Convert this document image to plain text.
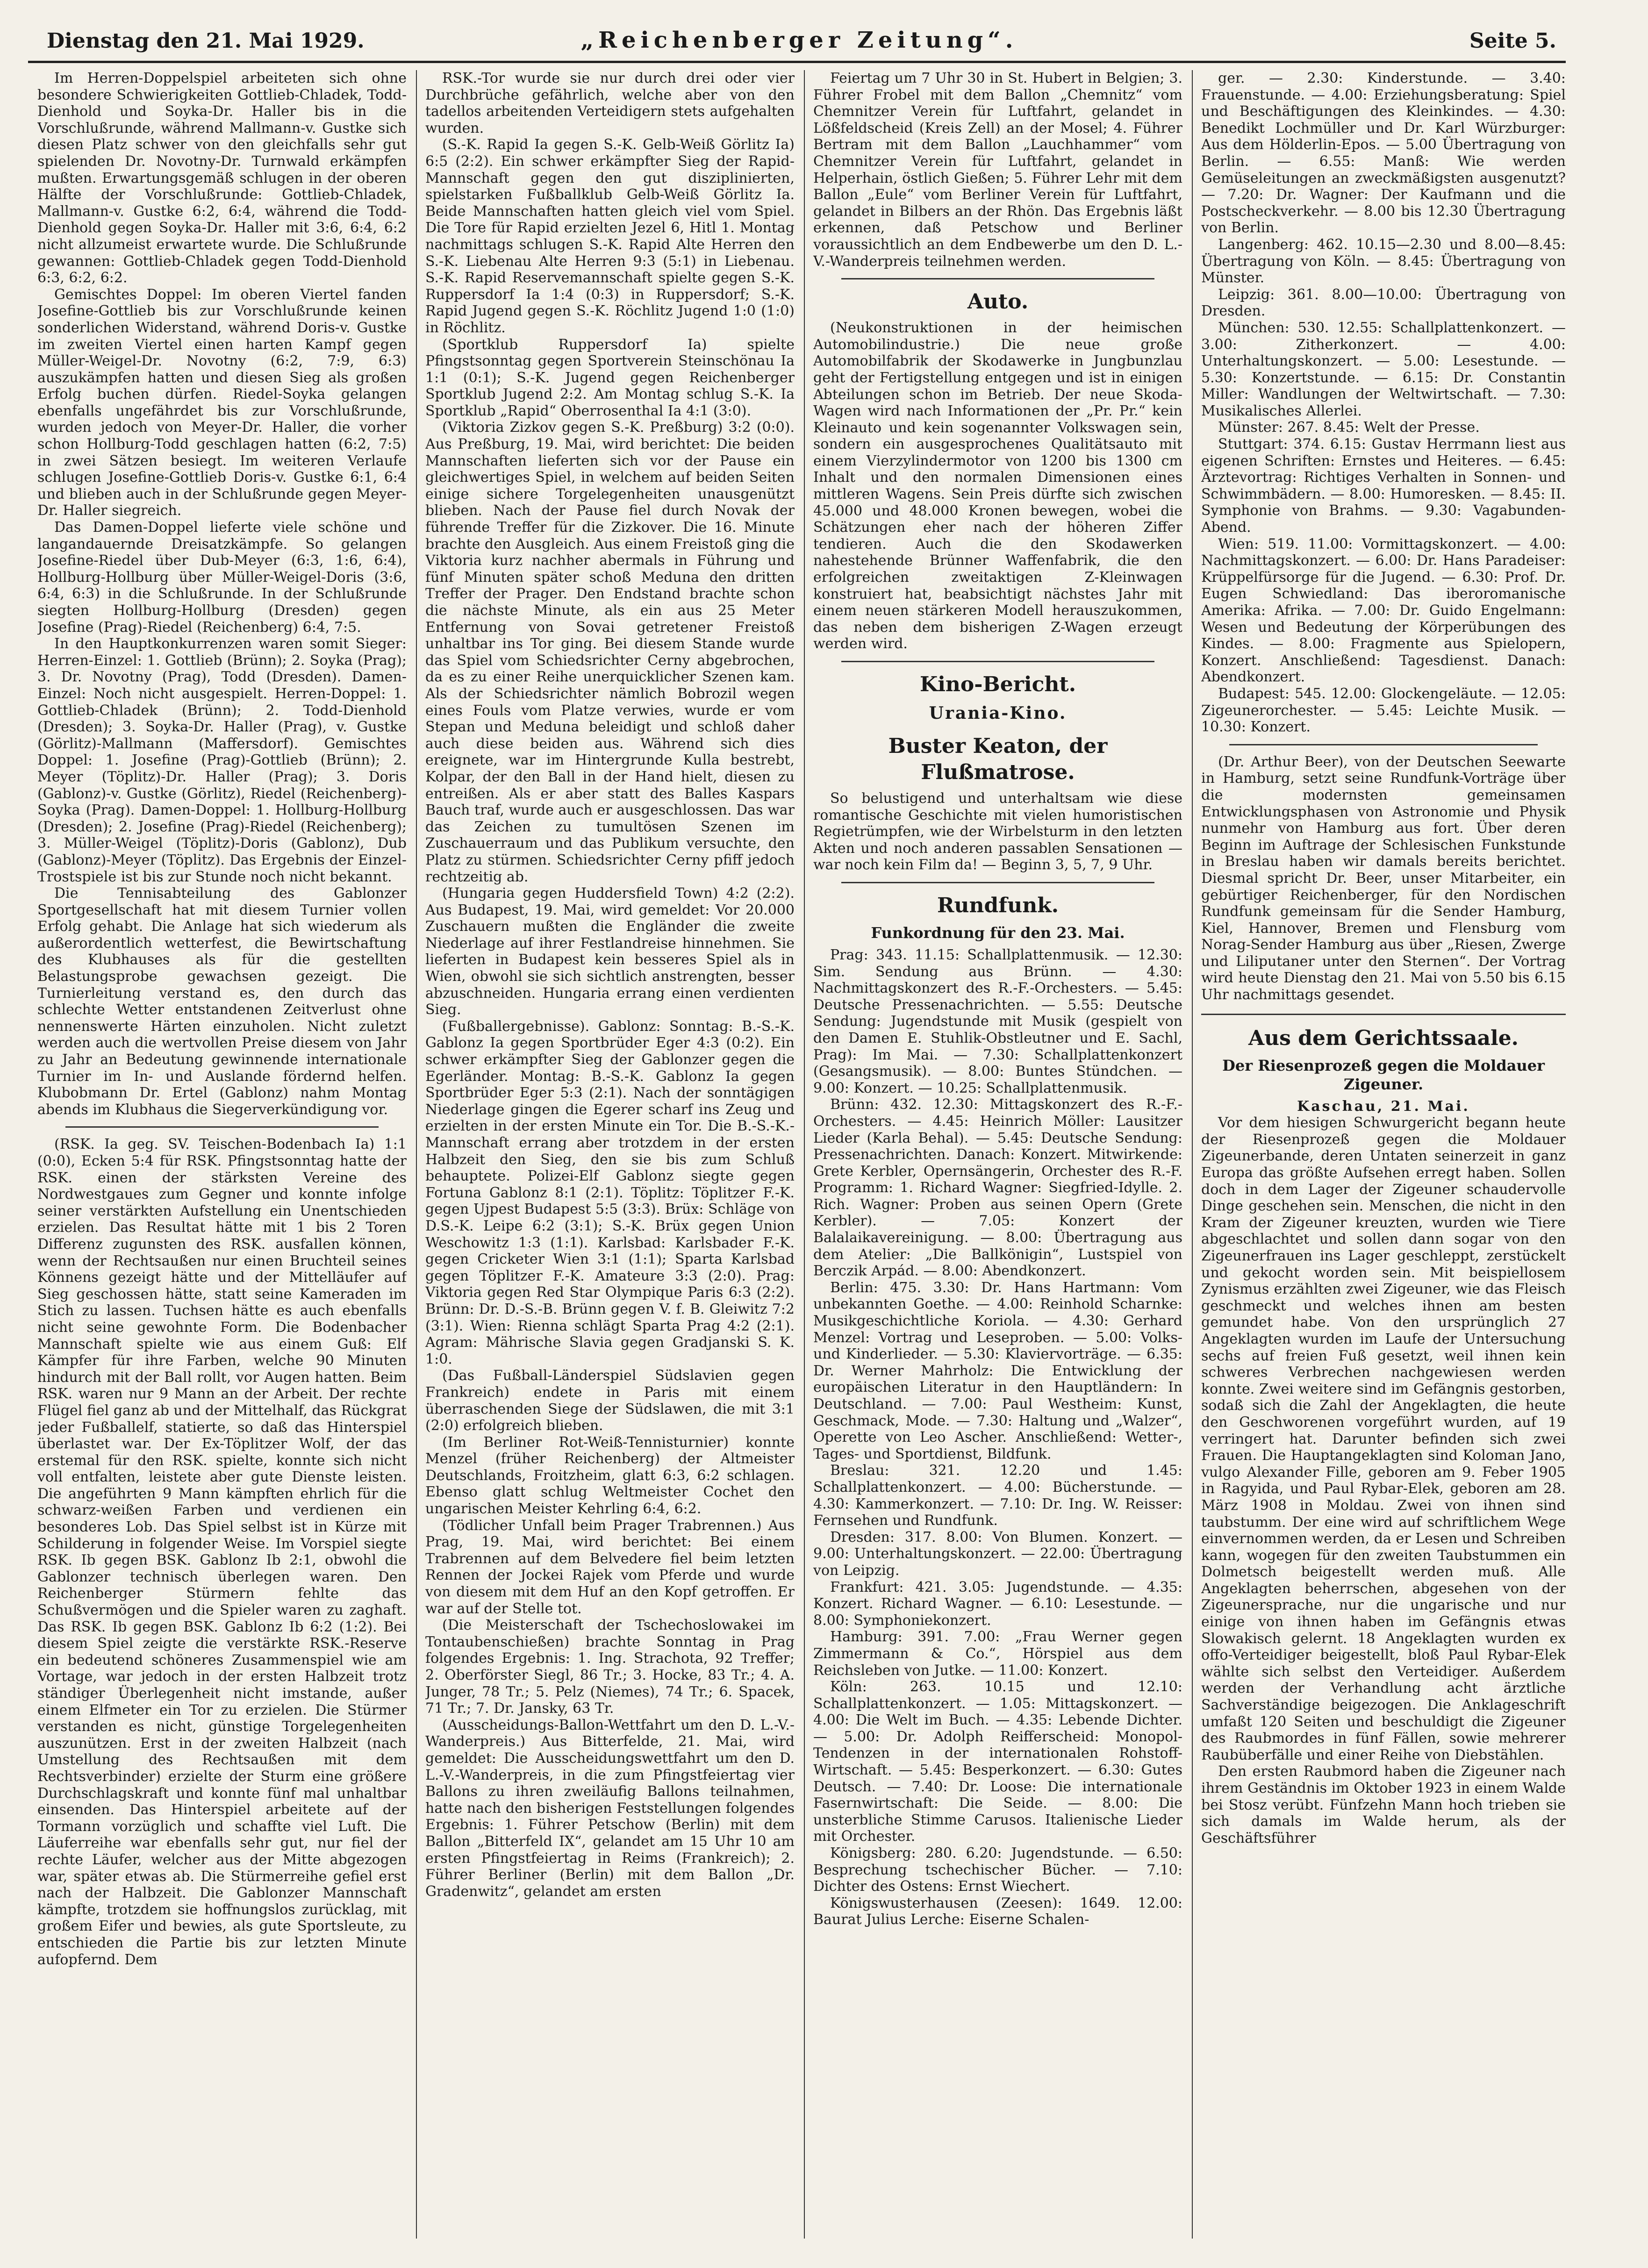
Dienstag den 21. Mai 1929.	„Reichenberger Zeitung“.	Seite 5.

Im Herren-Doppelspiel arbeiteten sich ohne besondere Schwierigkeiten Gottlieb-Chladek, Todd-Dienhold und Soyka-Dr. Haller bis in die Vorschlußrunde, während Mallmann-v. Gustke sich diesen Platz schwer von den gleichfalls sehr gut spielenden Dr. Novotny-Dr. Turnwald erkämpfen mußten. Erwartungsgemäß schlugen in der oberen Hälfte der Vorschlußrunde: Gottlieb-Chladek, Mallmann-v. Gustke 6:2, 6:4, während die Todd-Dienhold gegen Soyka-Dr. Haller mit 3:6, 6:4, 6:2 nicht allzumeist erwartete wurde. Die Schlußrunde gewannen: Gottlieb-Chladek gegen Todd-Dienhold 6:3, 6:2, 6:2.

Gemischtes Doppel: Im oberen Viertel fanden Josefine-Gottlieb bis zur Vorschlußrunde keinen sonderlichen Widerstand, während Doris-v. Gustke im zweiten Viertel einen harten Kampf gegen Müller-Weigel-Dr. Novotny (6:2, 7:9, 6:3) auszukämpfen hatten und diesen Sieg als großen Erfolg buchen dürfen. Riedel-Soyka gelangen ebenfalls ungefährdet bis zur Vorschlußrunde, wurden jedoch von Meyer-Dr. Haller, die vorher schon Hollburg-Todd geschlagen hatten (6:2, 7:5) in zwei Sätzen besiegt. Im weiteren Verlaufe schlugen Josefine-Gottlieb Doris-v. Gustke 6:1, 6:4 und blieben auch in der Schlußrunde gegen Meyer-Dr. Haller siegreich.

Das Damen-Doppel lieferte viele schöne und langandauernde Dreisatzkämpfe. So gelangen Josefine-Riedel über Dub-Meyer (6:3, 1:6, 6:4), Hollburg-Hollburg über Müller-Weigel-Doris (3:6, 6:4, 6:3) in die Schlußrunde. In der Schlußrunde siegten Hollburg-Hollburg (Dresden) gegen Josefine (Prag)-Riedel (Reichenberg) 6:4, 7:5.

In den Hauptkonkurrenzen waren somit Sieger: Herren-Einzel: 1. Gottlieb (Brünn); 2. Soyka (Prag); 3. Dr. Novotny (Prag), Todd (Dresden). Damen-Einzel: Noch nicht ausgespielt. Herren-Doppel: 1. Gottlieb-Chladek (Brünn); 2. Todd-Dienhold (Dresden); 3. Soyka-Dr. Haller (Prag), v. Gustke (Görlitz)-Mallmann (Maffersdorf). Gemischtes Doppel: 1. Josefine (Prag)-Gottlieb (Brünn); 2. Meyer (Töplitz)-Dr. Haller (Prag); 3. Doris (Gablonz)-v. Gustke (Görlitz), Riedel (Reichenberg)-Soyka (Prag). Damen-Doppel: 1. Hollburg-Hollburg (Dresden); 2. Josefine (Prag)-Riedel (Reichenberg); 3. Müller-Weigel (Töplitz)-Doris (Gablonz), Dub (Gablonz)-Meyer (Töplitz). Das Ergebnis der Einzel-Trostspiele ist bis zur Stunde noch nicht bekannt.

Die Tennisabteilung des Gablonzer Sportgesellschaft hat mit diesem Turnier vollen Erfolg gehabt. Die Anlage hat sich wiederum als außerordentlich wetterfest, die Bewirtschaftung des Klubhauses als für die gestellten Belastungsprobe gewachsen gezeigt. Die Turnierleitung verstand es, den durch das schlechte Wetter entstandenen Zeitverlust ohne nennenswerte Härten einzuholen. Nicht zuletzt werden auch die wertvollen Preise diesem von Jahr zu Jahr an Bedeutung gewinnende internationale Turnier im In- und Auslande fördernd helfen. Klubobmann Dr. Ertel (Gablonz) nahm Montag abends im Klubhaus die Siegerverkündigung vor.

(RSK. Ia geg. SV. Teischen-Bodenbach Ia) 1:1 (0:0), Ecken 5:4 für RSK. Pfingstsonntag hatte der RSK. einen der stärksten Vereine des Nordwestgaues zum Gegner und konnte infolge seiner verstärkten Aufstellung ein Unentschieden erzielen. Das Resultat hätte mit 1 bis 2 Toren Differenz zugunsten des RSK. ausfallen können, wenn der Rechtsaußen nur einen Bruchteil seines Könnens gezeigt hätte und der Mittelläufer auf Sieg geschossen hätte, statt seine Kameraden im Stich zu lassen. Tuchsen hätte es auch ebenfalls nicht seine gewohnte Form. Die Bodenbacher Mannschaft spielte wie aus einem Guß: Elf Kämpfer für ihre Farben, welche 90 Minuten hindurch mit der Ball rollt, vor Augen hatten. Beim RSK. waren nur 9 Mann an der Arbeit. Der rechte Flügel fiel ganz ab und der Mittelhalf, das Rückgrat jeder Fußballelf, statierte, so daß das Hinterspiel überlastet war. Der Ex-Töplitzer Wolf, der das erstemal für den RSK. spielte, konnte sich nicht voll entfalten, leistete aber gute Dienste leisten. Die angeführten 9 Mann kämpften ehrlich für die schwarz-weißen Farben und verdienen ein besonderes Lob. Das Spiel selbst ist in Kürze mit Schilderung in folgender Weise. Im Vorspiel siegte RSK. Ib gegen BSK. Gablonz Ib 2:1, obwohl die Gablonzer technisch überlegen waren. Den Reichenberger Stürmern fehlte das Schußvermögen und die Spieler waren zu zaghaft. Das RSK. Ib gegen BSK. Gablonz Ib 6:2 (1:2). Bei diesem Spiel zeigte die verstärkte RSK.-Reserve ein bedeutend schöneres Zusammenspiel wie am Vortage, war jedoch in der ersten Halbzeit trotz ständiger Überlegenheit nicht imstande, außer einem Elfmeter ein Tor zu erzielen. Die Stürmer verstanden es nicht, günstige Torgelegenheiten auszunützen. Erst in der zweiten Halbzeit (nach Umstellung des Rechtsaußen mit dem Rechtsverbinder) erzielte der Sturm eine größere Durchschlagskraft und konnte fünf mal unhaltbar einsenden. Das Hinterspiel arbeitete auf der Tormann vorzüglich und schaffte viel Luft. Die Läuferreihe war ebenfalls sehr gut, nur fiel der rechte Läufer, welcher aus der Mitte abgezogen war, später etwas ab. Die Stürmerreihe gefiel erst nach der Halbzeit. Die Gablonzer Mannschaft kämpfte, trotzdem sie hoffnungslos zurücklag, mit großem Eifer und bewies, als gute Sportsleute, zu entschieden die Partie bis zur letzten Minute aufopfernd. Dem

RSK.-Tor wurde sie nur durch drei oder vier Durchbrüche gefährlich, welche aber von den tadellos arbeitenden Verteidigern stets aufgehalten wurden.

(S.-K. Rapid Ia gegen S.-K. Gelb-Weiß Görlitz Ia) 6:5 (2:2). Ein schwer erkämpfter Sieg der Rapid-Mannschaft gegen den gut disziplinierten, spielstarken Fußballklub Gelb-Weiß Görlitz Ia. Beide Mannschaften hatten gleich viel vom Spiel. Die Tore für Rapid erzielten Jezel 6, Hitl 1. Montag nachmittags schlugen S.-K. Rapid Alte Herren den S.-K. Liebenau Alte Herren 9:3 (5:1) in Liebenau. S.-K. Rapid Reservemannschaft spielte gegen S.-K. Ruppersdorf Ia 1:4 (0:3) in Ruppersdorf; S.-K. Rapid Jugend gegen S.-K. Röchlitz Jugend 1:0 (1:0) in Röchlitz.

(Sportklub Ruppersdorf Ia) spielte Pfingstsonntag gegen Sportverein Steinschönau Ia 1:1 (0:1); S.-K. Jugend gegen Reichenberger Sportklub Jugend 2:2. Am Montag schlug S.-K. Ia Sportklub „Rapid“ Oberrosenthal Ia 4:1 (3:0).

(Viktoria Zizkov gegen S.-K. Preßburg) 3:2 (0:0). Aus Preßburg, 19. Mai, wird berichtet: Die beiden Mannschaften lieferten sich vor der Pause ein gleichwertiges Spiel, in welchem auf beiden Seiten einige sichere Torgelegenheiten unausgenützt blieben. Nach der Pause fiel durch Novak der führende Treffer für die Zizkover. Die 16. Minute brachte den Ausgleich. Aus einem Freistoß ging die Viktoria kurz nachher abermals in Führung und fünf Minuten später schoß Meduna den dritten Treffer der Prager. Den Endstand brachte schon die nächste Minute, als ein aus 25 Meter Entfernung von Sovai getretener Freistoß unhaltbar ins Tor ging. Bei diesem Stande wurde das Spiel vom Schiedsrichter Cerny abgebrochen, da es zu einer Reihe unerquicklicher Szenen kam. Als der Schiedsrichter nämlich Bobrozil wegen eines Fouls vom Platze verwies, wurde er vom Stepan und Meduna beleidigt und schloß daher auch diese beiden aus. Während sich dies ereignete, war im Hintergrunde Kulla bestrebt, Kolpar, der den Ball in der Hand hielt, diesen zu entreißen. Als er aber statt des Balles Kaspars Bauch traf, wurde auch er ausgeschlossen. Das war das Zeichen zu tumultösen Szenen im Zuschauerraum und das Publikum versuchte, den Platz zu stürmen. Schiedsrichter Cerny pfiff jedoch rechtzeitig ab.

(Hungaria gegen Huddersfield Town) 4:2 (2:2). Aus Budapest, 19. Mai, wird gemeldet: Vor 20.000 Zuschauern mußten die Engländer die zweite Niederlage auf ihrer Festlandreise hinnehmen. Sie lieferten in Budapest kein besseres Spiel als in Wien, obwohl sie sich sichtlich anstrengten, besser abzuschneiden. Hungaria errang einen verdienten Sieg.

(Fußballergebnisse). Gablonz: Sonntag: B.-S.-K. Gablonz Ia gegen Sportbrüder Eger 4:3 (0:2). Ein schwer erkämpfter Sieg der Gablonzer gegen die Egerländer. Montag: B.-S.-K. Gablonz Ia gegen Sportbrüder Eger 5:3 (2:1). Nach der sonntägigen Niederlage gingen die Egerer scharf ins Zeug und erzielten in der ersten Minute ein Tor. Die B.-S.-K.-Mannschaft errang aber trotzdem in der ersten Halbzeit den Sieg, den sie bis zum Schluß behauptete. Polizei-Elf Gablonz siegte gegen Fortuna Gablonz 8:1 (2:1). Töplitz: Töplitzer F.-K. gegen Ujpest Budapest 5:5 (3:3). Brüx: Schläge von D.S.-K. Leipe 6:2 (3:1); S.-K. Brüx gegen Union Weschowitz 1:3 (1:1). Karlsbad: Karlsbader F.-K. gegen Cricketer Wien 3:1 (1:1); Sparta Karlsbad gegen Töplitzer F.-K. Amateure 3:3 (2:0). Prag: Viktoria gegen Red Star Olympique Paris 6:3 (2:2). Brünn: Dr. D.-S.-B. Brünn gegen V. f. B. Gleiwitz 7:2 (3:1). Wien: Rienna schlägt Sparta Prag 4:2 (2:1). Agram: Mährische Slavia gegen Gradjanski S. K. 1:0.

(Das Fußball-Länderspiel Südslavien gegen Frankreich) endete in Paris mit einem überraschenden Siege der Südslawen, die mit 3:1 (2:0) erfolgreich blieben.

(Im Berliner Rot-Weiß-Tennisturnier) konnte Menzel (früher Reichenberg) der Altmeister Deutschlands, Froitzheim, glatt 6:3, 6:2 schlagen. Ebenso glatt schlug Weltmeister Cochet den ungarischen Meister Kehrling 6:4, 6:2.

(Tödlicher Unfall beim Prager Trabrennen.) Aus Prag, 19. Mai, wird berichtet: Bei einem Trabrennen auf dem Belvedere fiel beim letzten Rennen der Jockei Rajek vom Pferde und wurde von diesem mit dem Huf an den Kopf getroffen. Er war auf der Stelle tot.

(Die Meisterschaft der Tschechoslowakei im Tontaubenschießen) brachte Sonntag in Prag folgendes Ergebnis: 1. Ing. Strachota, 92 Treffer; 2. Oberförster Siegl, 86 Tr.; 3. Hocke, 83 Tr.; 4. A. Junger, 78 Tr.; 5. Pelz (Niemes), 74 Tr.; 6. Spacek, 71 Tr.; 7. Dr. Jansky, 63 Tr.

(Ausscheidungs-Ballon-Wettfahrt um den D. L.-V.-Wanderpreis.) Aus Bitterfelde, 21. Mai, wird gemeldet: Die Ausscheidungswettfahrt um den D. L.-V.-Wanderpreis, in die zum Pfingstfeiertag vier Ballons zu ihren zweiläufig Ballons teilnahmen, hatte nach den bisherigen Feststellungen folgendes Ergebnis: 1. Führer Petschow (Berlin) mit dem Ballon „Bitterfeld IX“, gelandet am 15 Uhr 10 am ersten Pfingstfeiertag in Reims (Frankreich); 2. Führer Berliner (Berlin) mit dem Ballon „Dr. Gradenwitz“, gelandet am ersten

Feiertag um 7 Uhr 30 in St. Hubert in Belgien; 3. Führer Frobel mit dem Ballon „Chemnitz“ vom Chemnitzer Verein für Luftfahrt, gelandet in Lößfeldscheid (Kreis Zell) an der Mosel; 4. Führer Bertram mit dem Ballon „Lauchhammer“ vom Chemnitzer Verein für Luftfahrt, gelandet in Helperhain, östlich Gießen; 5. Führer Lehr mit dem Ballon „Eule“ vom Berliner Verein für Luftfahrt, gelandet in Bilbers an der Rhön. Das Ergebnis läßt erkennen, daß Petschow und Berliner voraussichtlich an dem Endbewerbe um den D. L.-V.-Wanderpreis teilnehmen werden.

Auto.

(Neukonstruktionen in der heimischen Automobilindustrie.) Die neue große Automobilfabrik der Skodawerke in Jungbunzlau geht der Fertigstellung entgegen und ist in einigen Abteilungen schon im Betrieb. Der neue Skoda-Wagen wird nach Informationen der „Pr. Pr.“ kein Kleinauto und kein sogenannter Volkswagen sein, sondern ein ausgesprochenes Qualitätsauto mit einem Vierzylindermotor von 1200 bis 1300 cm Inhalt und den normalen Dimensionen eines mittleren Wagens. Sein Preis dürfte sich zwischen 45.000 und 48.000 Kronen bewegen, wobei die Schätzungen eher nach der höheren Ziffer tendieren. Auch die den Skodawerken nahestehende Brünner Waffenfabrik, die den erfolgreichen zweitaktigen Z-Kleinwagen konstruiert hat, beabsichtigt nächstes Jahr mit einem neuen stärkeren Modell herauszukommen, das neben dem bisherigen Z-Wagen erzeugt werden wird.

Kino-Bericht.
Urania-Kino.
Buster Keaton, der Flußmatrose.

So belustigend und unterhaltsam wie diese romantische Geschichte mit vielen humoristischen Regietrümpfen, wie der Wirbelsturm in den letzten Akten und noch anderen passablen Sensationen — war noch kein Film da! — Beginn 3, 5, 7, 9 Uhr.

Rundfunk.
Funkordnung für den 23. Mai.

Prag: 343. 11.15: Schallplattenmusik. — 12.30: Sim. Sendung aus Brünn. — 4.30: Nachmittagskonzert des R.-F.-Orchesters. — 5.45: Deutsche Pressenachrichten. — 5.55: Deutsche Sendung: Jugendstunde mit Musik (gespielt von den Damen E. Stuhlik-Obstleutner und E. Sachl, Prag): Im Mai. — 7.30: Schallplattenkonzert (Gesangsmusik). — 8.00: Buntes Stündchen. — 9.00: Konzert. — 10.25: Schallplattenmusik.

Brünn: 432. 12.30: Mittagskonzert des R.-F.-Orchesters. — 4.45: Heinrich Möller: Lausitzer Lieder (Karla Behal). — 5.45: Deutsche Sendung: Pressenachrichten. Danach: Konzert. Mitwirkende: Grete Kerbler, Opernsängerin, Orchester des R.-F. Programm: 1. Richard Wagner: Siegfried-Idylle. 2. Rich. Wagner: Proben aus seinen Opern (Grete Kerbler). — 7.05: Konzert der Balalaikavereinigung. — 8.00: Übertragung aus dem Atelier: „Die Ballkönigin“, Lustspiel von Berczik Arpád. — 8.00: Abendkonzert.

Berlin: 475. 3.30: Dr. Hans Hartmann: Vom unbekannten Goethe. — 4.00: Reinhold Scharnke: Musikgeschichtliche Koriola. — 4.30: Gerhard Menzel: Vortrag und Leseproben. — 5.00: Volks- und Kinderlieder. — 5.30: Klaviervorträge. — 6.35: Dr. Werner Mahrholz: Die Entwicklung der europäischen Literatur in den Hauptländern: In Deutschland. — 7.00: Paul Westheim: Kunst, Geschmack, Mode. — 7.30: Haltung und „Walzer“, Operette von Leo Ascher. Anschließend: Wetter-, Tages- und Sportdienst, Bildfunk.

Breslau: 321. 12.20 und 1.45: Schallplattenkonzert. — 4.00: Bücherstunde. — 4.30: Kammerkonzert. — 7.10: Dr. Ing. W. Reisser: Fernsehen und Rundfunk.

Dresden: 317. 8.00: Von Blumen. Konzert. — 9.00: Unterhaltungskonzert. — 22.00: Übertragung von Leipzig.

Frankfurt: 421. 3.05: Jugendstunde. — 4.35: Konzert. Richard Wagner. — 6.10: Lesestunde. — 8.00: Symphoniekonzert.

Hamburg: 391. 7.00: „Frau Werner gegen Zimmermann & Co.“, Hörspiel aus dem Reichsleben von Jutke. — 11.00: Konzert.

Köln: 263. 10.15 und 12.10: Schallplattenkonzert. — 1.05: Mittagskonzert. — 4.00: Die Welt im Buch. — 4.35: Lebende Dichter. — 5.00: Dr. Adolph Reifferscheid: Monopol-Tendenzen in der internationalen Rohstoff-Wirtschaft. — 5.45: Besperkonzert. — 6.30: Gutes Deutsch. — 7.40: Dr. Loose: Die internationale Fasernwirtschaft: Die Seide. — 8.00: Die unsterbliche Stimme Carusos. Italienische Lieder mit Orchester.

Königsberg: 280. 6.20: Jugendstunde. — 6.50: Besprechung tschechischer Bücher. — 7.10: Dichter des Ostens: Ernst Wiechert.

Königswusterhausen (Zeesen): 1649. 12.00: Baurat Julius Lerche: Eiserne Schalen-

ger. — 2.30: Kinderstunde. — 3.40: Frauenstunde. — 4.00: Erziehungsberatung: Spiel und Beschäftigungen des Kleinkindes. — 4.30: Benedikt Lochmüller und Dr. Karl Würzburger: Aus dem Hölderlin-Epos. — 5.00 Übertragung von Berlin. — 6.55: Manß: Wie werden Gemüseleitungen an zweckmäßigsten ausgenutzt? — 7.20: Dr. Wagner: Der Kaufmann und die Postscheckverkehr. — 8.00 bis 12.30 Übertragung von Berlin.

Langenberg: 462. 10.15—2.30 und 8.00—8.45: Übertragung von Köln. — 8.45: Übertragung von Münster.

Leipzig: 361. 8.00—10.00: Übertragung von Dresden.

München: 530. 12.55: Schallplattenkonzert. — 3.00: Zitherkonzert. — 4.00: Unterhaltungskonzert. — 5.00: Lesestunde. — 5.30: Konzertstunde. — 6.15: Dr. Constantin Miller: Wandlungen der Weltwirtschaft. — 7.30: Musikalisches Allerlei.

Münster: 267. 8.45: Welt der Presse.

Stuttgart: 374. 6.15: Gustav Herrmann liest aus eigenen Schriften: Ernstes und Heiteres. — 6.45: Ärztevortrag: Richtiges Verhalten in Sonnen- und Schwimmbädern. — 8.00: Humoresken. — 8.45: II. Symphonie von Brahms. — 9.30: Vagabunden-Abend.

Wien: 519. 11.00: Vormittagskonzert. — 4.00: Nachmittagskonzert. — 6.00: Dr. Hans Paradeiser: Krüppelfürsorge für die Jugend. — 6.30: Prof. Dr. Eugen Schwiedland: Das iberoromanische Amerika: Afrika. — 7.00: Dr. Guido Engelmann: Wesen und Bedeutung der Körperübungen des Kindes. — 8.00: Fragmente aus Spielopern, Konzert. Anschließend: Tagesdienst. Danach: Abendkonzert.

Budapest: 545. 12.00: Glockengeläute. — 12.05: Zigeunerorchester. — 5.45: Leichte Musik. — 10.30: Konzert.

(Dr. Arthur Beer), von der Deutschen Seewarte in Hamburg, setzt seine Rundfunk-Vorträge über die modernsten gemeinsamen Entwicklungsphasen von Astronomie und Physik nunmehr von Hamburg aus fort. Über deren Beginn im Auftrage der Schlesischen Funkstunde in Breslau haben wir damals bereits berichtet. Diesmal spricht Dr. Beer, unser Mitarbeiter, ein gebürtiger Reichenberger, für den Nordischen Rundfunk gemeinsam für die Sender Hamburg, Kiel, Hannover, Bremen und Flensburg vom Norag-Sender Hamburg aus über „Riesen, Zwerge und Liliputaner unter den Sternen“. Der Vortrag wird heute Dienstag den 21. Mai von 5.50 bis 6.15 Uhr nachmittags gesendet.

Aus dem Gerichtssaale.
Der Riesenprozeß gegen die Moldauer Zigeuner.

Kaschau, 21. Mai.

Vor dem hiesigen Schwurgericht begann heute der Riesenprozeß gegen die Moldauer Zigeunerbande, deren Untaten seinerzeit in ganz Europa das größte Aufsehen erregt haben. Sollen doch in dem Lager der Zigeuner schaudervolle Dinge geschehen sein. Menschen, die nicht in den Kram der Zigeuner kreuzten, wurden wie Tiere abgeschlachtet und sollen dann sogar von den Zigeunerfrauen ins Lager geschleppt, zerstückelt und gekocht worden sein. Mit beispiellosem Zynismus erzählten zwei Zigeuner, wie das Fleisch geschmeckt und welches ihnen am besten gemundet habe. Von den ursprünglich 27 Angeklagten wurden im Laufe der Untersuchung sechs auf freien Fuß gesetzt, weil ihnen kein schweres Verbrechen nachgewiesen werden konnte. Zwei weitere sind im Gefängnis gestorben, sodaß sich die Zahl der Angeklagten, die heute den Geschworenen vorgeführt wurden, auf 19 verringert hat. Darunter befinden sich zwei Frauen. Die Hauptangeklagten sind Koloman Jano, vulgo Alexander Fille, geboren am 9. Feber 1905 in Ragyida, und Paul Rybar-Elek, geboren am 28. März 1908 in Moldau. Zwei von ihnen sind taubstumm. Der eine wird auf schriftlichem Wege einvernommen werden, da er Lesen und Schreiben kann, wogegen für den zweiten Taubstummen ein Dolmetsch beigestellt werden muß. Alle Angeklagten beherrschen, abgesehen von der Zigeunersprache, nur die ungarische und nur einige von ihnen haben im Gefängnis etwas Slowakisch gelernt. 18 Angeklagten wurden ex offo-Verteidiger beigestellt, bloß Paul Rybar-Elek wählte sich selbst den Verteidiger. Außerdem werden der Verhandlung acht ärztliche Sachverständige beigezogen. Die Anklageschrift umfaßt 120 Seiten und beschuldigt die Zigeuner des Raubmordes in fünf Fällen, sowie mehrerer Raubüberfälle und einer Reihe von Diebstählen.

Den ersten Raubmord haben die Zigeuner nach ihrem Geständnis im Oktober 1923 in einem Walde bei Stosz verübt. Fünfzehn Mann hoch trieben sie sich damals im Walde herum, als der Geschäftsführer
